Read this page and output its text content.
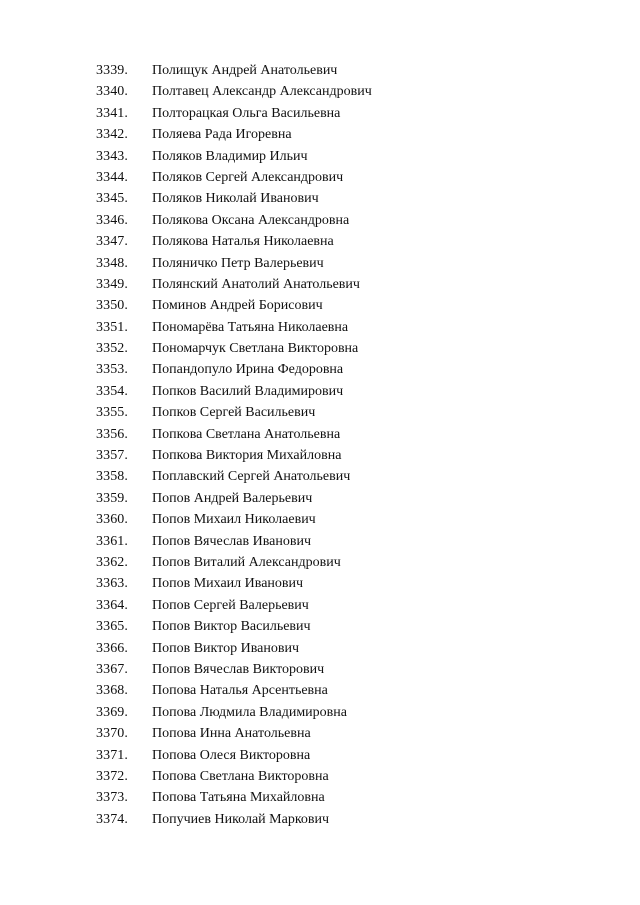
3339. Полищук Андрей Анатольевич
3340. Полтавец Александр Александрович
3341. Полторацкая Ольга Васильевна
3342. Поляева Рада Игоревна
3343. Поляков Владимир Ильич
3344. Поляков Сергей Александрович
3345. Поляков Николай Иванович
3346. Полякова Оксана Александровна
3347. Полякова Наталья Николаевна
3348. Поляничко Петр Валерьевич
3349. Полянский Анатолий Анатольевич
3350. Поминов Андрей Борисович
3351. Пономарёва Татьяна Николаевна
3352. Пономарчук Светлана Викторовна
3353. Попандопуло Ирина Федоровна
3354. Попков Василий Владимирович
3355. Попков Сергей Васильевич
3356. Попкова Светлана Анатольевна
3357. Попкова Виктория Михайловна
3358. Поплавский Сергей Анатольевич
3359. Попов Андрей Валерьевич
3360. Попов Михаил Николаевич
3361. Попов Вячеслав Иванович
3362. Попов Виталий Александрович
3363. Попов Михаил Иванович
3364. Попов Сергей Валерьевич
3365. Попов Виктор Васильевич
3366. Попов Виктор Иванович
3367. Попов Вячеслав Викторович
3368. Попова Наталья Арсентьевна
3369. Попова Людмила Владимировна
3370. Попова Инна Анатольевна
3371. Попова Олеся Викторовна
3372. Попова Светлана Викторовна
3373. Попова Татьяна Михайловна
3374. Попучиев Николай Маркович
